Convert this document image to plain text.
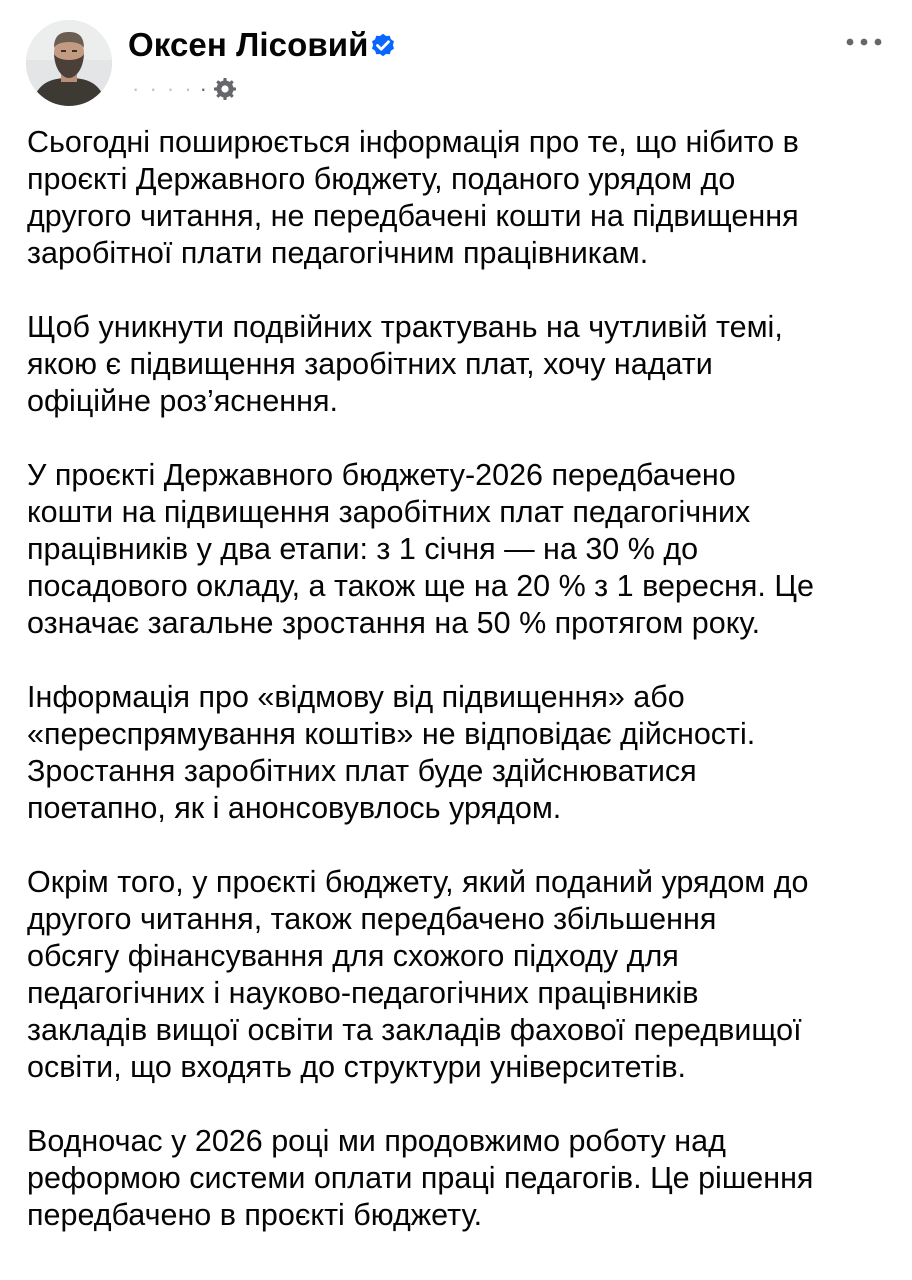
Оксен Лісовий
· · · · ·

Сьогодні поширюється інформація про те, що нібито в
проєкті Державного бюджету, поданого урядом до
другого читання, не передбачені кошти на підвищення
заробітної плати педагогічним працівникам.

Щоб уникнути подвійних трактувань на чутливій темі,
якою є підвищення заробітних плат, хочу надати
офіційне роз’яснення.

У проєкті Державного бюджету-2026 передбачено
кошти на підвищення заробітних плат педагогічних
працівників у два етапи: з 1 січня — на 30 % до
посадового окладу, а також ще на 20 % з 1 вересня. Це
означає загальне зростання на 50 % протягом року.

Інформація про «відмову від підвищення» або
«переспрямування коштів» не відповідає дійсності.
Зростання заробітних плат буде здійснюватися
поетапно, як і анонсовувлось урядом.

Окрім того, у проєкті бюджету, який поданий урядом до
другого читання, також передбачено збільшення
обсягу фінансування для схожого підходу для
педагогічних і науково-педагогічних працівників
закладів вищої освіти та закладів фахової передвищої
освіти, що входять до структури університетів.

Водночас у 2026 році ми продовжимо роботу над
реформою системи оплати праці педагогів. Це рішення
передбачено в проєкті бюджету.
